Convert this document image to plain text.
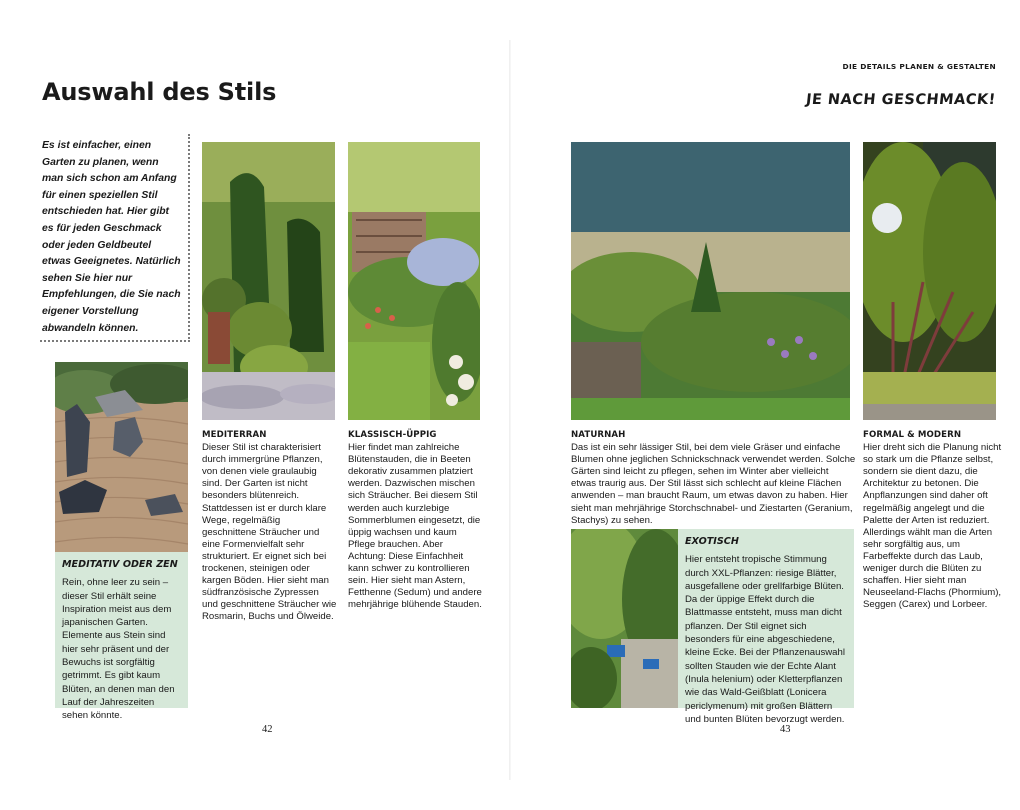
Auswahl des Stils
Es ist einfacher, einen Garten zu planen, wenn man sich schon am Anfang für einen speziellen Stil entschieden hat. Hier gibt es für jeden Geschmack oder jeden Geldbeutel etwas Geeignetes. Natürlich sehen Sie hier nur Empfehlungen, die Sie nach eigener Vorstellung abwandeln können.
MEDITATIV ODER ZEN
Rein, ohne leer zu sein – dieser Stil erhält seine Inspiration meist aus dem japanischen Garten. Elemente aus Stein sind hier sehr präsent und der Bewuchs ist sorgfältig getrimmt. Es gibt kaum Blüten, an denen man den Lauf der Jahreszeiten sehen könnte.
MEDITERRAN
Dieser Stil ist charakterisiert durch immergrüne Pflanzen, von denen viele graulaubig sind. Der Garten ist nicht besonders blütenreich. Stattdessen ist er durch klare Wege, regelmäßig geschnittene Sträucher und eine Formenvielfalt sehr strukturiert. Er eignet sich bei trockenen, steinigen oder kargen Böden. Hier sieht man südfranzösische Zypressen und geschnittene Sträucher wie Rosmarin, Buchs und Ölweide.
KLASSISCH-ÜPPIG
Hier findet man zahlreiche Blütenstauden, die in Beeten dekorativ zusammen platziert werden. Dazwischen mischen sich Sträucher. Bei diesem Stil werden auch kurzlebige Sommerblumen eingesetzt, die üppig wachsen und kaum Pflege brauchen. Aber Achtung: Diese Einfachheit kann schwer zu kontrollieren sein. Hier sieht man Astern, Fetthenne (Sedum) und andere mehrjährige blühende Stauden.
42
DIE DETAILS PLANEN & GESTALTEN
JE NACH GESCHMACK!
NATURNAH
Das ist ein sehr lässiger Stil, bei dem viele Gräser und einfache Blumen ohne jeglichen Schnickschnack verwendet werden. Solche Gärten sind leicht zu pflegen, sehen im Winter aber vielleicht etwas traurig aus. Der Stil lässt sich schlecht auf kleine Flächen anwenden – man braucht Raum, um etwas davon zu haben. Hier sieht man mehrjährige Storchschnabel- und Ziestarten (Geranium, Stachys) zu sehen.
EXOTISCH
Hier entsteht tropische Stimmung durch XXL-Pflanzen: riesige Blätter, ausgefallene oder grellfarbige Blüten. Da der üppige Effekt durch die Blattmasse entsteht, muss man dicht pflanzen. Der Stil eignet sich besonders für eine abgeschiedene, kleine Ecke. Bei der Pflanzenauswahl sollten Stauden wie der Echte Alant (Inula helenium) oder Kletterpflanzen wie das Wald-Geißblatt (Lonicera periclymenum) mit großen Blättern und bunten Blüten bevorzugt werden.
FORMAL & MODERN
Hier dreht sich die Planung nicht so stark um die Pflanze selbst, sondern sie dient dazu, die Architektur zu betonen. Die Anpflanzungen sind daher oft regelmäßig angelegt und die Palette der Arten ist reduziert. Allerdings wählt man die Arten sehr sorgfältig aus, um Farbeffekte durch das Laub, weniger durch die Blüten zu schaffen. Hier sieht man Neuseeland-Flachs (Phormium), Seggen (Carex) und Lorbeer.
43
